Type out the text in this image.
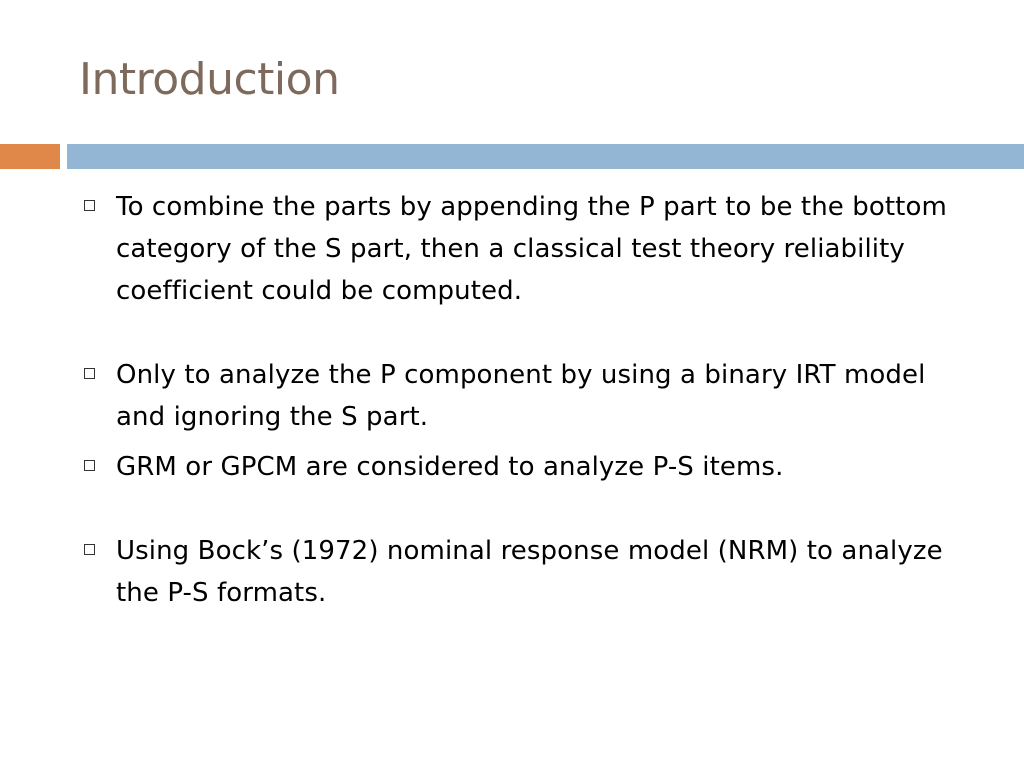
Introduction
To combine the parts by appending the P part to be the bottom category of the S part, then a classical test theory reliability coefficient could be computed.
Only to analyze the P component by using a binary IRT model and ignoring the S part.
GRM or GPCM are considered to analyze P-S items.
Using Bock’s (1972) nominal response model (NRM) to analyze the P-S formats.
